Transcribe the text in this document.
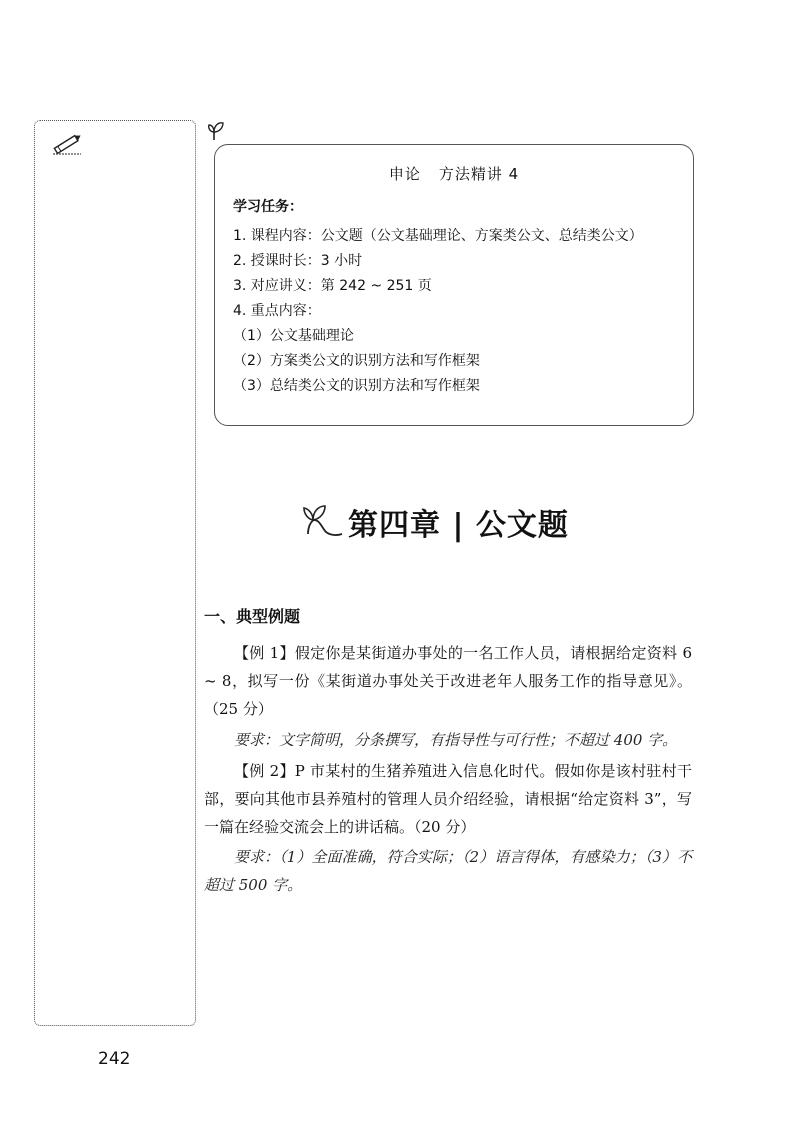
申论 方法精讲 4

学习任务：

1. 课程内容：公文题（公文基础理论、方案类公文、总结类公文）

2. 授课时长：3 小时

3. 对应讲义：第 242 ~ 251 页

4. 重点内容：

（1）公文基础理论

（2）方案类公文的识别方法和写作框架

（3）总结类公文的识别方法和写作框架

第四章 | 公文题

一、典型例题

【例 1】假定你是某街道办事处的一名工作人员，请根据给定资料 6 ~ 8，拟写一份《某街道办事处关于改进老年人服务工作的指导意见》。（25 分）

要求：文字简明，分条撰写，有指导性与可行性；不超过 400 字。

【例 2】P 市某村的生猪养殖进入信息化时代。假如你是该村驻村干部，要向其他市县养殖村的管理人员介绍经验，请根据“给定资料 3”，写一篇在经验交流会上的讲话稿。（20 分）

要求：（1）全面准确，符合实际；（2）语言得体，有感染力；（3）不超过 500 字。

242
